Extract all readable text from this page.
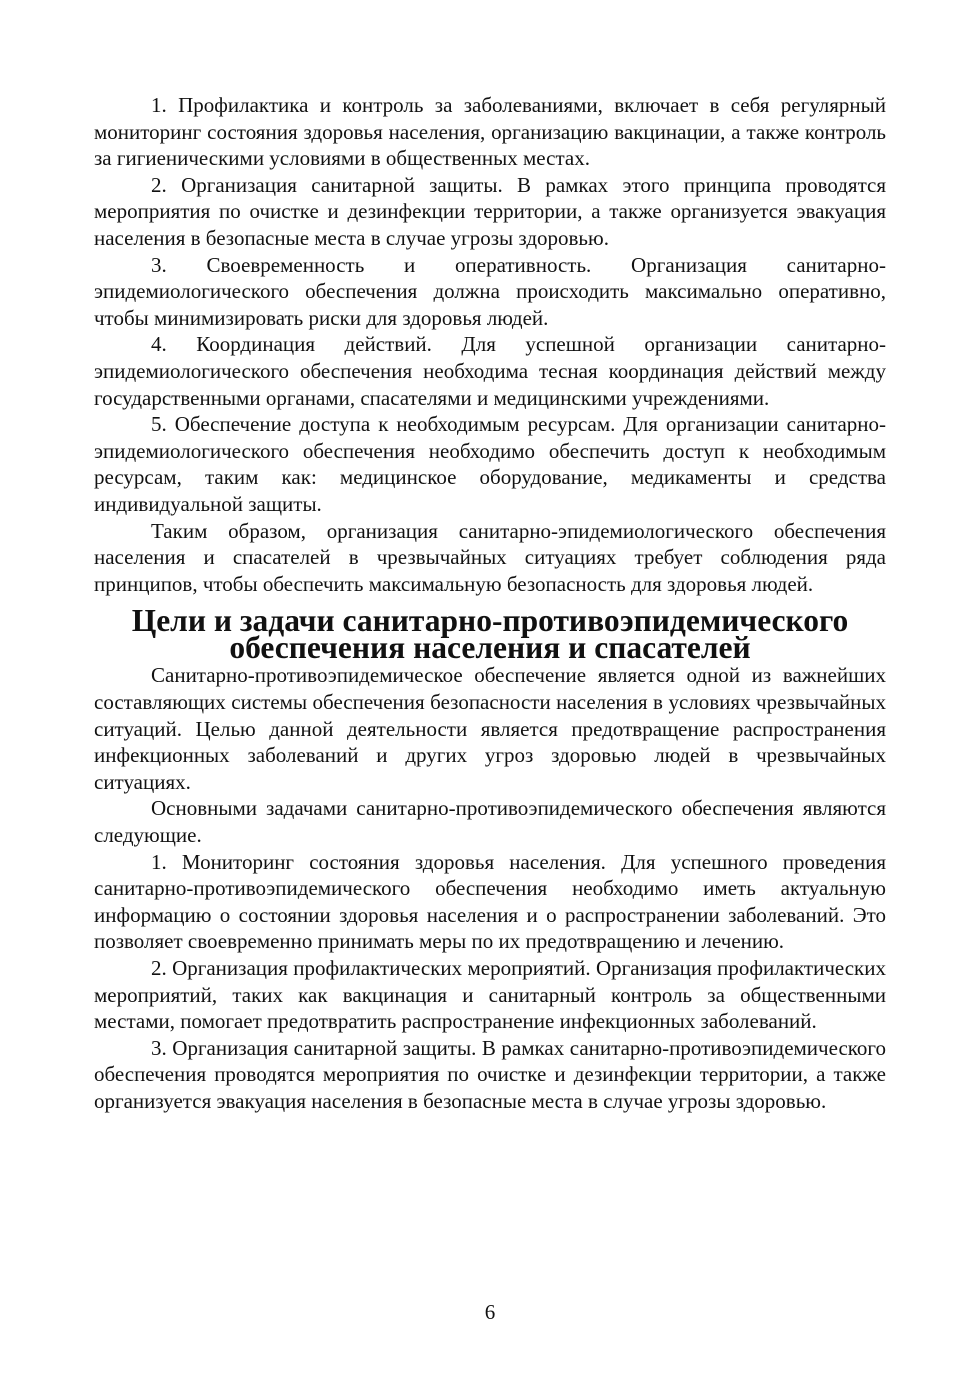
1. Профилактика и контроль за заболеваниями, включает в себя регулярный мониторинг состояния здоровья населения, организацию вакцинации, а также контроль за гигиеническими условиями в общественных местах.

2. Организация санитарной защиты. В рамках этого принципа проводятся мероприятия по очистке и дезинфекции территории, а также организуется эвакуация населения в безопасные места в случае угрозы здоровью.

3. Своевременность и оперативность. Организация санитарно-эпидемиологического обеспечения должна происходить максимально оперативно, чтобы минимизировать риски для здоровья людей.

4. Координация действий. Для успешной организации санитарно-эпидемиологического обеспечения необходима тесная координация действий между государственными органами, спасателями и медицинскими учреждениями.

5. Обеспечение доступа к необходимым ресурсам. Для организации санитарно-эпидемиологического обеспечения необходимо обеспечить доступ к необходимым ресурсам, таким как: медицинское оборудование, медикаменты и средства индивидуальной защиты.

Таким образом, организация санитарно-эпидемиологического обеспечения населения и спасателей в чрезвычайных ситуациях требует соблюдения ряда принципов, чтобы обеспечить максимальную безопасность для здоровья людей.

Цели и задачи санитарно-противоэпидемического
обеспечения населения и спасателей

Санитарно-противоэпидемическое обеспечение является одной из важнейших составляющих системы обеспечения безопасности населения в условиях чрезвычайных ситуаций. Целью данной деятельности является предотвращение распространения инфекционных заболеваний и других угроз здоровью людей в чрезвычайных ситуациях.

Основными задачами санитарно-противоэпидемического обеспечения являются следующие.

1. Мониторинг состояния здоровья населения. Для успешного проведения санитарно-противоэпидемического обеспечения необходимо иметь актуальную информацию о состоянии здоровья населения и о распространении заболеваний. Это позволяет своевременно принимать меры по их предотвращению и лечению.

2. Организация профилактических мероприятий. Организация профилактических мероприятий, таких как вакцинация и санитарный контроль за общественными местами, помогает предотвратить распространение инфекционных заболеваний.

3. Организация санитарной защиты. В рамках санитарно-противоэпидемического обеспечения проводятся мероприятия по очистке и дезинфекции территории, а также организуется эвакуация населения в безопасные места в случае угрозы здоровью.

6
